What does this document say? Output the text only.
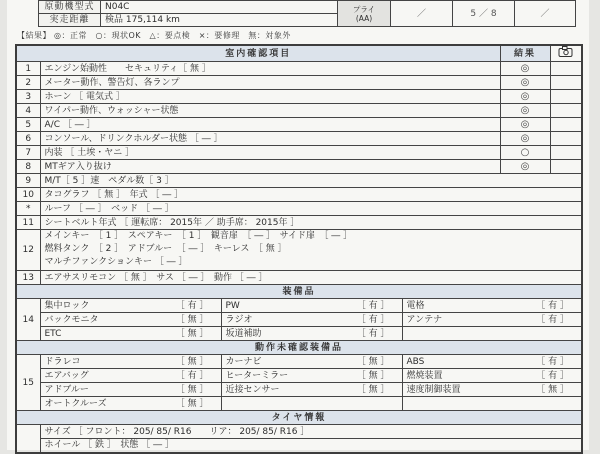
原動機型式	N04C	プライ
(AA)	／	5 ／ 8	／
実走距離	検品 175,114 km				
【結果】 ◎：正常　○：現状OK　△：要点検　×：要修理　無：対象外
室内確認項目				結果	
1	エンジン始動性　　セキュリティ［ 無 ］			◎	
2	メーター動作、警告灯、各ランプ			◎	
3	ホーン ［ 電気式 ］			◎	
4	ワイパー動作、ウォッシャー状態			◎	
5	A/C ［ ― ］			◎	
6	コンソール、ドリンクホルダー状態 ［ ― ］			◎	
7	内装 ［ 土埃・ヤニ ］			○	
8	MTギア入り抜け			◎	
9	M/T［ 5 ］速　ペダル数［ 3 ］				
10	タコグラフ ［ 無 ］　年式 ［ ― ］				
*	ルーフ ［ ― ］　ベッド ［ ― ］				
11	シートベルト年式 ［ 運転席： 2015年 ／ 助手席： 2015年 ］				
12	メインキー　［ 1 ］　スペアキー　［ 1 ］　観音扉　［ ― ］　サイド扉　［ ― ］
燃料タンク　［ 2 ］　アドブルー　［ ― ］　キーレス　［ 無 ］
マルチファンクションキー ［ ― ］				

13	エアサスリモコン ［ 無 ］　サス ［ ― ］　動作 ［ ― ］				
装備品					
14	集中ロック ［ 有 ］	PW ［ 有 ］	電格 ［ 有 ］		

	バックモニタ ［ 無 ］	ラジオ ［ 有 ］	アンテナ ［ 有 ］		

	ETC ［ 無 ］	坂道補助 ［ 有 ］			

動作未確認装備品					
15	ドラレコ ［ 無 ］	カーナビ ［ 無 ］	ABS ［ 有 ］		

	エアバッグ ［ 有 ］	ヒーターミラー ［ 無 ］	燃焼装置 ［ 有 ］		

	アドブルー ［ 無 ］	近接センサー ［ 無 ］	速度制御装置 ［ 無 ］		

	オートクルーズ ［ 無 ］				

タイヤ情報					
	サイズ ［ フロント： 205/ 85/ R16　　リア： 205/ 85/ R16 ］				
	ホイール ［ 鉄 ］　状態 ［ ― ］				
